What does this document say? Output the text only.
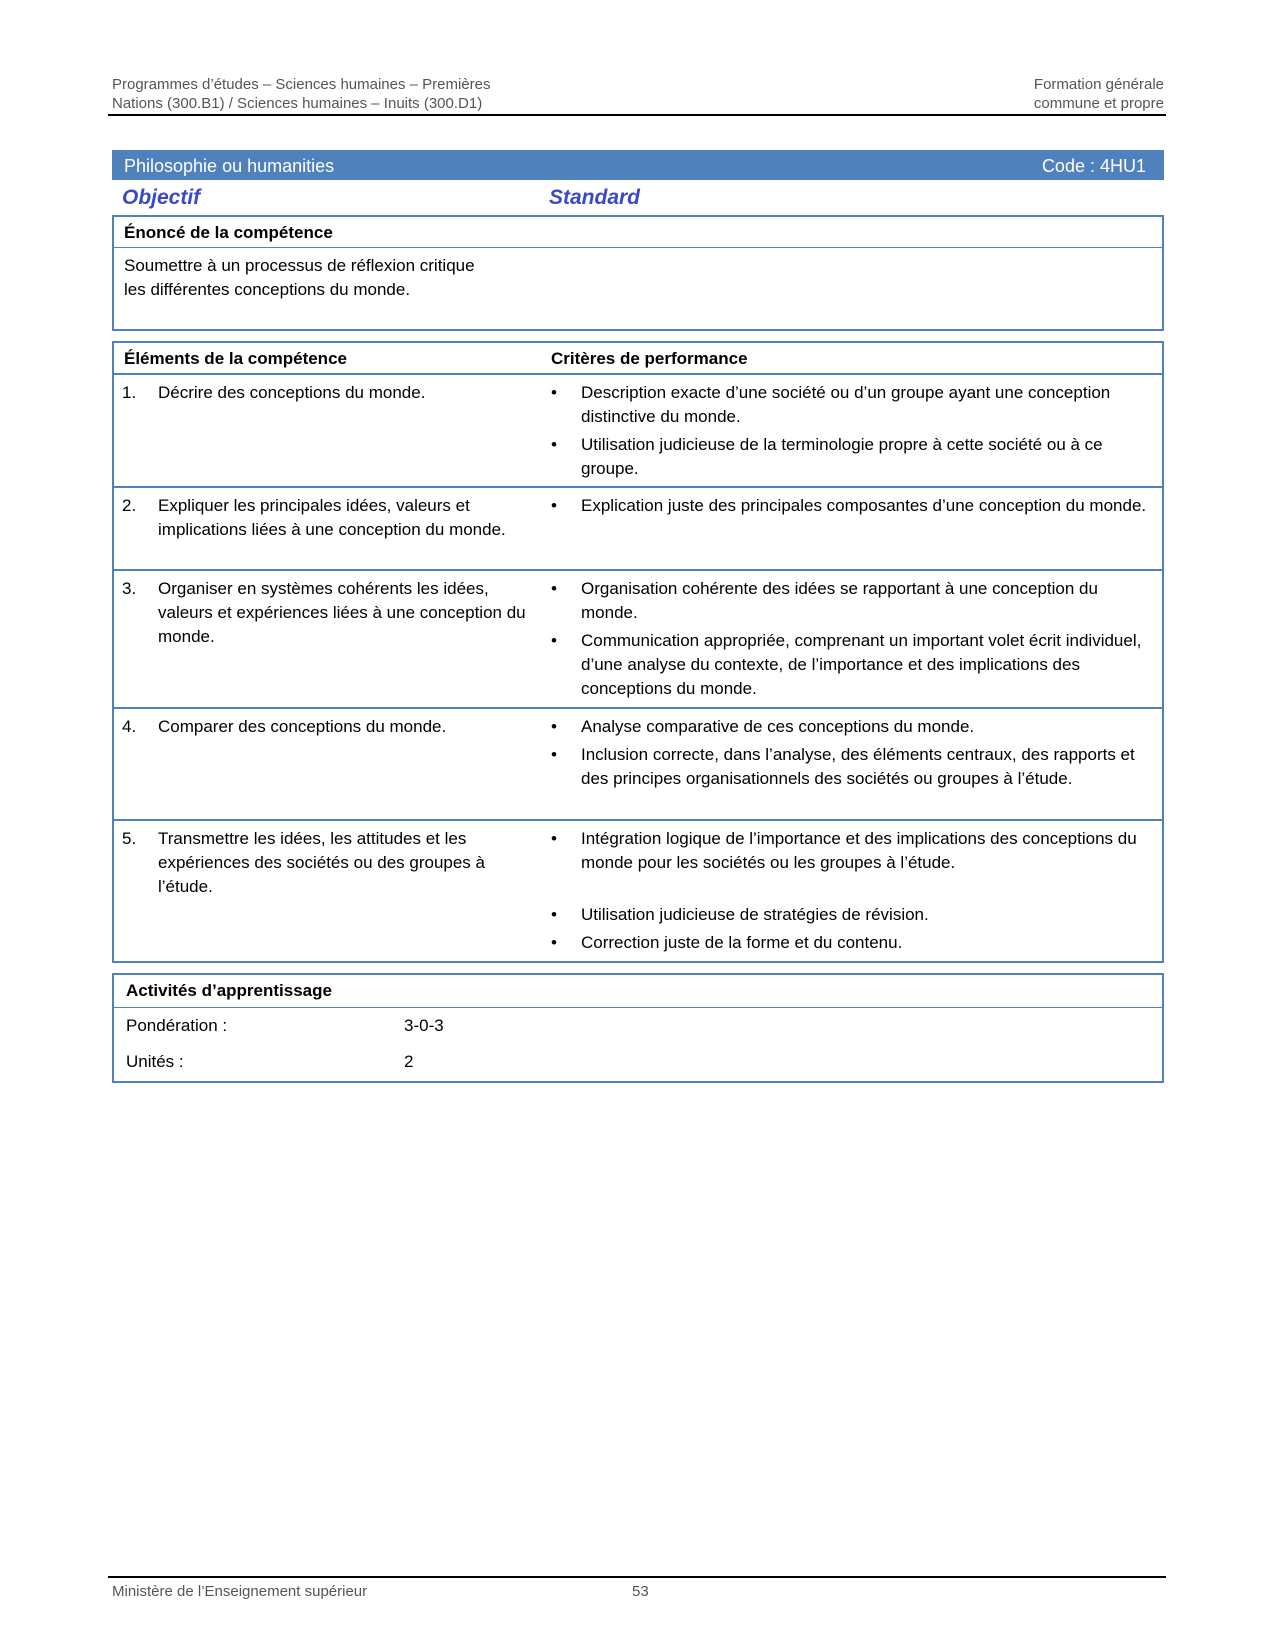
Programmes d’études – Sciences humaines – Premières	Formation générale
Nations (300.B1) / Sciences humaines – Inuits (300.D1)	commune et propre
Philosophie ou humanities	Code : 4HU1
Objectif	Standard
Énoncé de la compétence
Soumettre à un processus de réflexion critique les différentes conceptions du monde.
Éléments de la compétence	Critères de performance
1. Décrire des conceptions du monde.	• Description exacte d’une société ou d’un groupe ayant une conception distinctive du monde.
• Utilisation judicieuse de la terminologie propre à cette société ou à ce groupe.
2. Expliquer les principales idées, valeurs et implications liées à une conception du monde.
• Explication juste des principales composantes d’une conception du monde.
3. Organiser en systèmes cohérents les idées, valeurs et expériences liées à une conception du monde.
• Organisation cohérente des idées se rapportant à une conception du monde.
• Communication appropriée, comprenant un important volet écrit individuel, d’une analyse du contexte, de l’importance et des implications des conceptions du monde.
4. Comparer des conceptions du monde.	• Analyse comparative de ces conceptions du monde.
• Inclusion correcte, dans l’analyse, des éléments centraux, des rapports et des principes organisationnels des sociétés ou groupes à l’étude.
5. Transmettre les idées, les attitudes et les expériences des sociétés ou des groupes à l’étude.
• Intégration logique de l’importance et des implications des conceptions du monde pour les sociétés ou les groupes à l’étude.
• Utilisation judicieuse de stratégies de révision.
• Correction juste de la forme et du contenu.
Activités d’apprentissage
Pondération :	3-0-3
Unités :	2
Ministère de l’Enseignement supérieur	53
